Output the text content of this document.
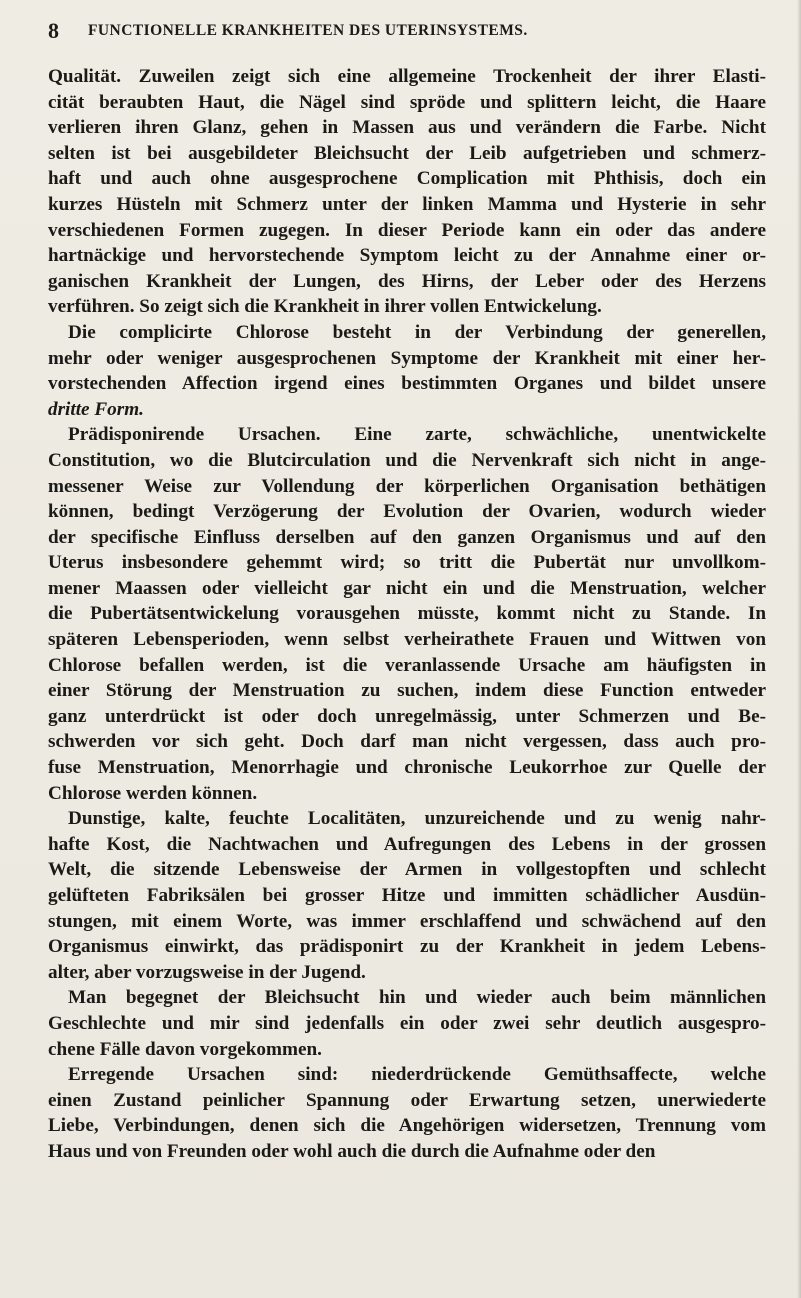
8 FUNCTIONELLE KRANKHEITEN DES UTERINSYSTEMS.
Qualität. Zuweilen zeigt sich eine allgemeine Trockenheit der ihrer Elasti-
cität beraubten Haut, die Nägel sind spröde und splittern leicht, die Haare
verlieren ihren Glanz, gehen in Massen aus und verändern die Farbe. Nicht
selten ist bei ausgebildeter Bleichsucht der Leib aufgetrieben und schmerz-
haft und auch ohne ausgesprochene Complication mit Phthisis, doch ein
kurzes Hüsteln mit Schmerz unter der linken Mamma und Hysterie in sehr
verschiedenen Formen zugegen. In dieser Periode kann ein oder das andere
hartnäckige und hervorstechende Symptom leicht zu der Annahme einer or-
ganischen Krankheit der Lungen, des Hirns, der Leber oder des Herzens
verführen. So zeigt sich die Krankheit in ihrer vollen Entwickelung.
Die complicirte Chlorose besteht in der Verbindung der generellen,
mehr oder weniger ausgesprochenen Symptome der Krankheit mit einer her-
vorstechenden Affection irgend eines bestimmten Organes und bildet unsere
dritte Form.
Prädisponirende Ursachen. Eine zarte, schwächliche, unentwickelte
Constitution, wo die Blutcirculation und die Nervenkraft sich nicht in ange-
messener Weise zur Vollendung der körperlichen Organisation bethätigen
können, bedingt Verzögerung der Evolution der Ovarien, wodurch wieder
der specifische Einfluss derselben auf den ganzen Organismus und auf den
Uterus insbesondere gehemmt wird; so tritt die Pubertät nur unvollkom-
mener Maassen oder vielleicht gar nicht ein und die Menstruation, welcher
die Pubertätsentwickelung vorausgehen müsste, kommt nicht zu Stande. In
späteren Lebensperioden, wenn selbst verheirathete Frauen und Wittwen von
Chlorose befallen werden, ist die veranlassende Ursache am häufigsten in
einer Störung der Menstruation zu suchen, indem diese Function entweder
ganz unterdrückt ist oder doch unregelmässig, unter Schmerzen und Be-
schwerden vor sich geht. Doch darf man nicht vergessen, dass auch pro-
fuse Menstruation, Menorrhagie und chronische Leukorrhoe zur Quelle der
Chlorose werden können.
Dunstige, kalte, feuchte Localitäten, unzureichende und zu wenig nahr-
hafte Kost, die Nachtwachen und Aufregungen des Lebens in der grossen
Welt, die sitzende Lebensweise der Armen in vollgestopften und schlecht
gelüfteten Fabriksälen bei grosser Hitze und immitten schädlicher Ausdün-
stungen, mit einem Worte, was immer erschlaffend und schwächend auf den
Organismus einwirkt, das prädisponirt zu der Krankheit in jedem Lebens-
alter, aber vorzugsweise in der Jugend.
Man begegnet der Bleichsucht hin und wieder auch beim männlichen
Geschlechte und mir sind jedenfalls ein oder zwei sehr deutlich ausgespro-
chene Fälle davon vorgekommen.
Erregende Ursachen sind: niederdrückende Gemüthsaffecte, welche
einen Zustand peinlicher Spannung oder Erwartung setzen, unerwiederte
Liebe, Verbindungen, denen sich die Angehörigen widersetzen, Trennung vom
Haus und von Freunden oder wohl auch die durch die Aufnahme oder den
